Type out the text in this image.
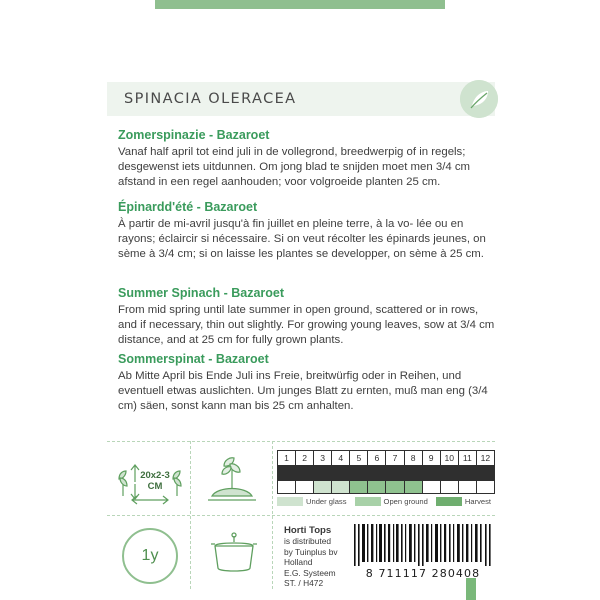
SPINACIA OLERACEA
Zomerspinazie - Bazaroet

Vanaf half april tot eind juli in de vollegrond, breedwerpig of in regels; desgewenst iets uitdunnen. Om jong blad te snijden moet men 3/4 cm afstand in een regel aanhouden; voor volgroeide planten 25 cm.

Épinardd'été - Bazaroet

À partir de mi-avril jusqu'à fin juillet en pleine terre, à la vo- lée ou en rayons; éclaircir si nécessaire. Si on veut récolter les épinards jeunes, on sème à 3/4 cm; si on laisse les plantes se developper, on sème à 25 cm.

Summer Spinach - Bazaroet

From mid spring until late summer in open ground, scattered or in rows, and if necessary, thin out slightly. For growing young leaves, sow at 3/4 cm distance, and at 25 cm for fully grown plants.

Sommerspinat - Bazaroet

Ab Mitte April bis Ende Juli ins Freie, breitwürfig oder in Reihen, und eventuell etwas auslichten. Um junges Blatt zu ernten, muß man eng (3/4 cm) säen, sonst kann man bis 25 cm anhalten.

20x2-3 CM
1y
1	2	3	4	5	6	7	8	9	10	11	12
Under glass	Open ground	Harvest
Horti Tops
is distributed
by Tuinplus bv
Holland
E.G. Systeem
ST. / H472
8 711117 280408
